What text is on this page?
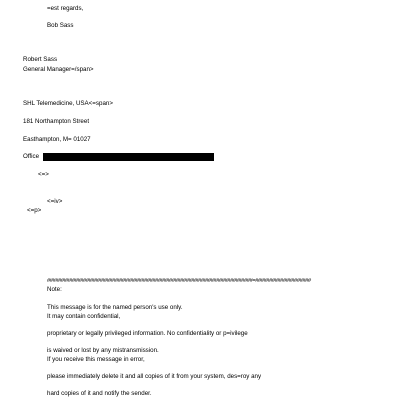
=est regards,
Bob Sass
Robert Sass
General Manager=/span>
SHL Telemedicine, USA<=span>
181 Northampton Street
Easthampton, M= 01027
Office
<=>
<=iv>
<=p>
##########################################################################=####################
Note:
This message is for the named person's use only.
It may contain confidential,
proprietary or legally privileged information. No confidentiality or p=ivilege
is waived or lost by any mistransmission.
If you receive this message in error,
please immediately delete it and all copies of it from your system, des=roy any
hard copies of it and notify the sender.
